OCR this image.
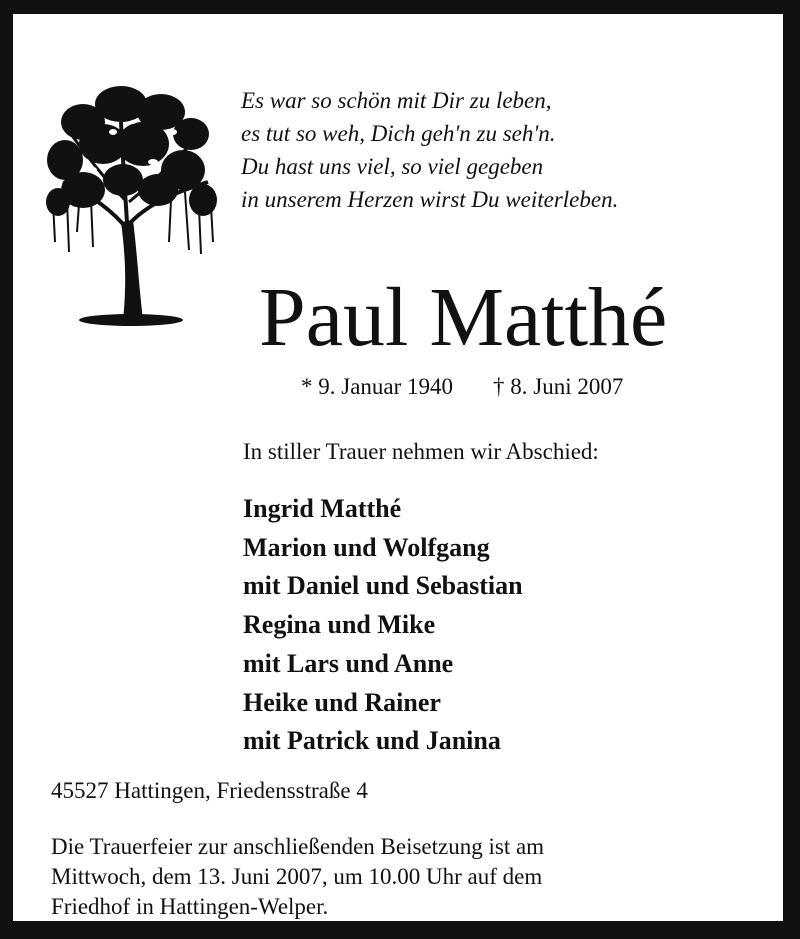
Es war so schön mit Dir zu leben,
es tut so weh, Dich geh'n zu seh'n.
Du hast uns viel, so viel gegeben
in unserem Herzen wirst Du weiterleben.
Paul Matthé
* 9. Januar 1940 † 8. Juni 2007
In stiller Trauer nehmen wir Abschied:
Ingrid Matthé
Marion und Wolfgang
mit Daniel und Sebastian
Regina und Mike
mit Lars und Anne
Heike und Rainer
mit Patrick und Janina
45527 Hattingen, Friedensstraße 4
Die Trauerfeier zur anschließenden Beisetzung ist am
Mittwoch, dem 13. Juni 2007, um 10.00 Uhr auf dem
Friedhof in Hattingen-Welper.
